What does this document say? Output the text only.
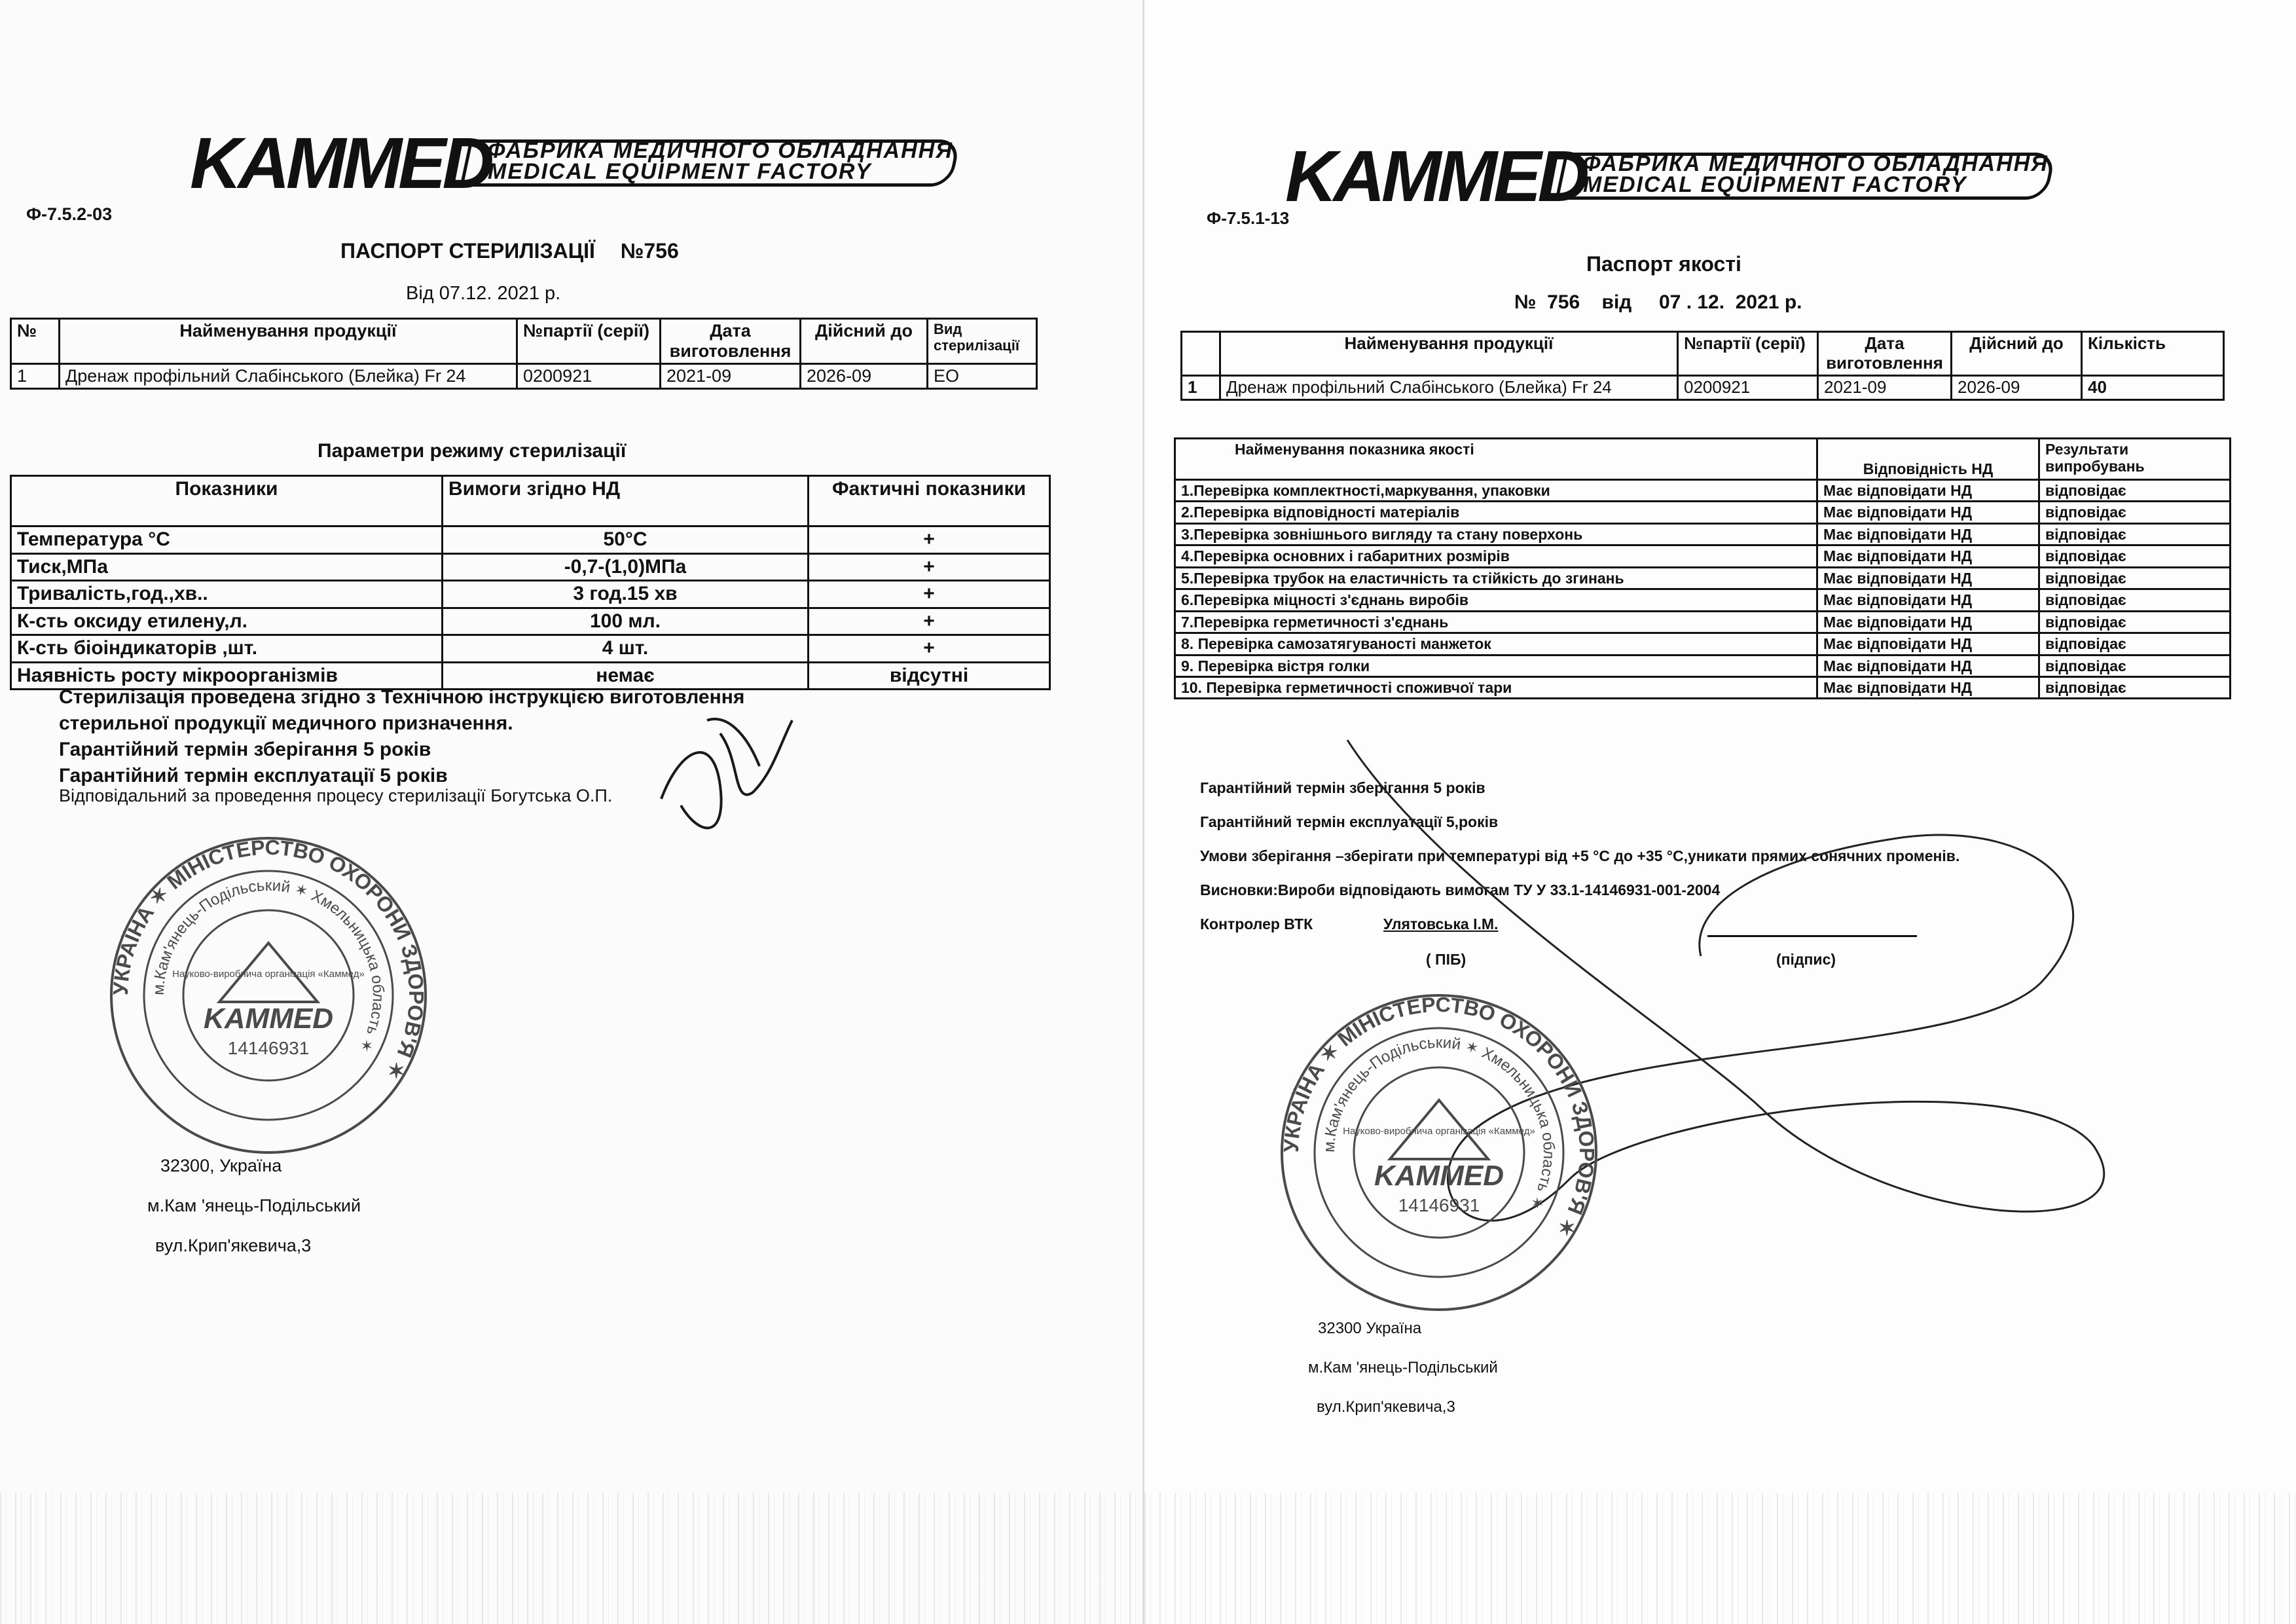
KAMMED
ФАБРИКА МЕДИЧНОГО ОБЛАДНАННЯ
MEDICAL EQUIPMENT FACTORY
Ф-7.5.2-03
ПАСПОРТ СТЕРИЛІЗАЦІЇ №756
Від 07.12. 2021 р.
№	Найменування продукції	№партії (серії)	Дата виготовлення	Дійсний до	Вид стерилізації
1	Дренаж профільний Слабінського (Блейка) Fr 24	0200921	2021-09	2026-09	ЕО
Параметри режиму стерилізації
Показники	Вимоги згідно НД	Фактичні показники
Температура °С	50°С	+
Тиск,МПа	-0,7-(1,0)МПа	+
Тривалість,год.,хв..	3 год.15 хв	+
К-сть оксиду етилену,л.	100 мл.	+
К-сть біоіндикаторів ,шт.	4 шт.	+
Наявність росту мікроорганізмів	немає	відсутні
Стерилізація проведена згідно з Технічною інструкцією виготовлення
стерильної продукції медичного призначення.
Гарантійний термін зберігання 5 років
Гарантійний термін експлуатації 5 років
Відповідальний за проведення процесу стерилізації Богутська О.П.
УКРАЇНА ✶ МІНІСТЕРСТВО ОХОРОНИ ЗДОРОВ'Я ✶
м.Кам'янець-Подільський ✶ Хмельницька область ✶
Науково-виробнича організація «Каммед»
KAMMED
14146931
32300, Україна
м.Кам 'янець-Подільський
вул.Крип'якевича,3
KAMMED
ФАБРИКА МЕДИЧНОГО ОБЛАДНАННЯ
MEDICAL EQUIPMENT FACTORY
Ф-7.5.1-13
Паспорт якості
№  756    від     07 . 12.  2021 р.
	Найменування продукції	№партії (серії)	Дата виготовлення	Дійсний до	Кількість
1	Дренаж профільний Слабінського (Блейка) Fr 24	0200921	2021-09	2026-09	40
Найменування показника якості	Відповідність НД	Результати випробувань
1.Перевірка комплектності,маркування, упаковки	Має відповідати НД	відповідає
2.Перевірка відповідності матеріалів	Має відповідати НД	відповідає
3.Перевірка зовнішнього вигляду та стану поверхонь	Має відповідати НД	відповідає
4.Перевірка основних і габаритних розмірів	Має відповідати НД	відповідає
5.Перевірка трубок на еластичність та стійкість до згинань	Має відповідати НД	відповідає
6.Перевірка міцності з'єднань виробів	Має відповідати НД	відповідає
7.Перевірка герметичності з'єднань	Має відповідати НД	відповідає
8. Перевірка самозатягуваності манжеток	Має відповідати НД	відповідає
9. Перевірка вістря голки	Має відповідати НД	відповідає
10. Перевірка герметичності споживчої тари	Має відповідати НД	відповідає
Гарантійний термін зберігання 5 років
Гарантійний термін експлуатації 5,років
Умови зберігання –зберігати при температурі від +5 °С до +35 °С,уникати прямих сонячних променів.
Висновки:Вироби відповідають вимогам ТУ У 33.1-14146931-001-2004
Контролер ВТК	Улятовська І.М.
( ПІБ)	(підпис)
УКРАЇНА ✶ МІНІСТЕРСТВО ОХОРОНИ ЗДОРОВ'Я ✶
м.Кам'янець-Подільський ✶ Хмельницька область ✶
Науково-виробнича організація «Каммед»
KAMMED
14146931
32300 Україна
м.Кам 'янець-Подільський
вул.Крип'якевича,3
